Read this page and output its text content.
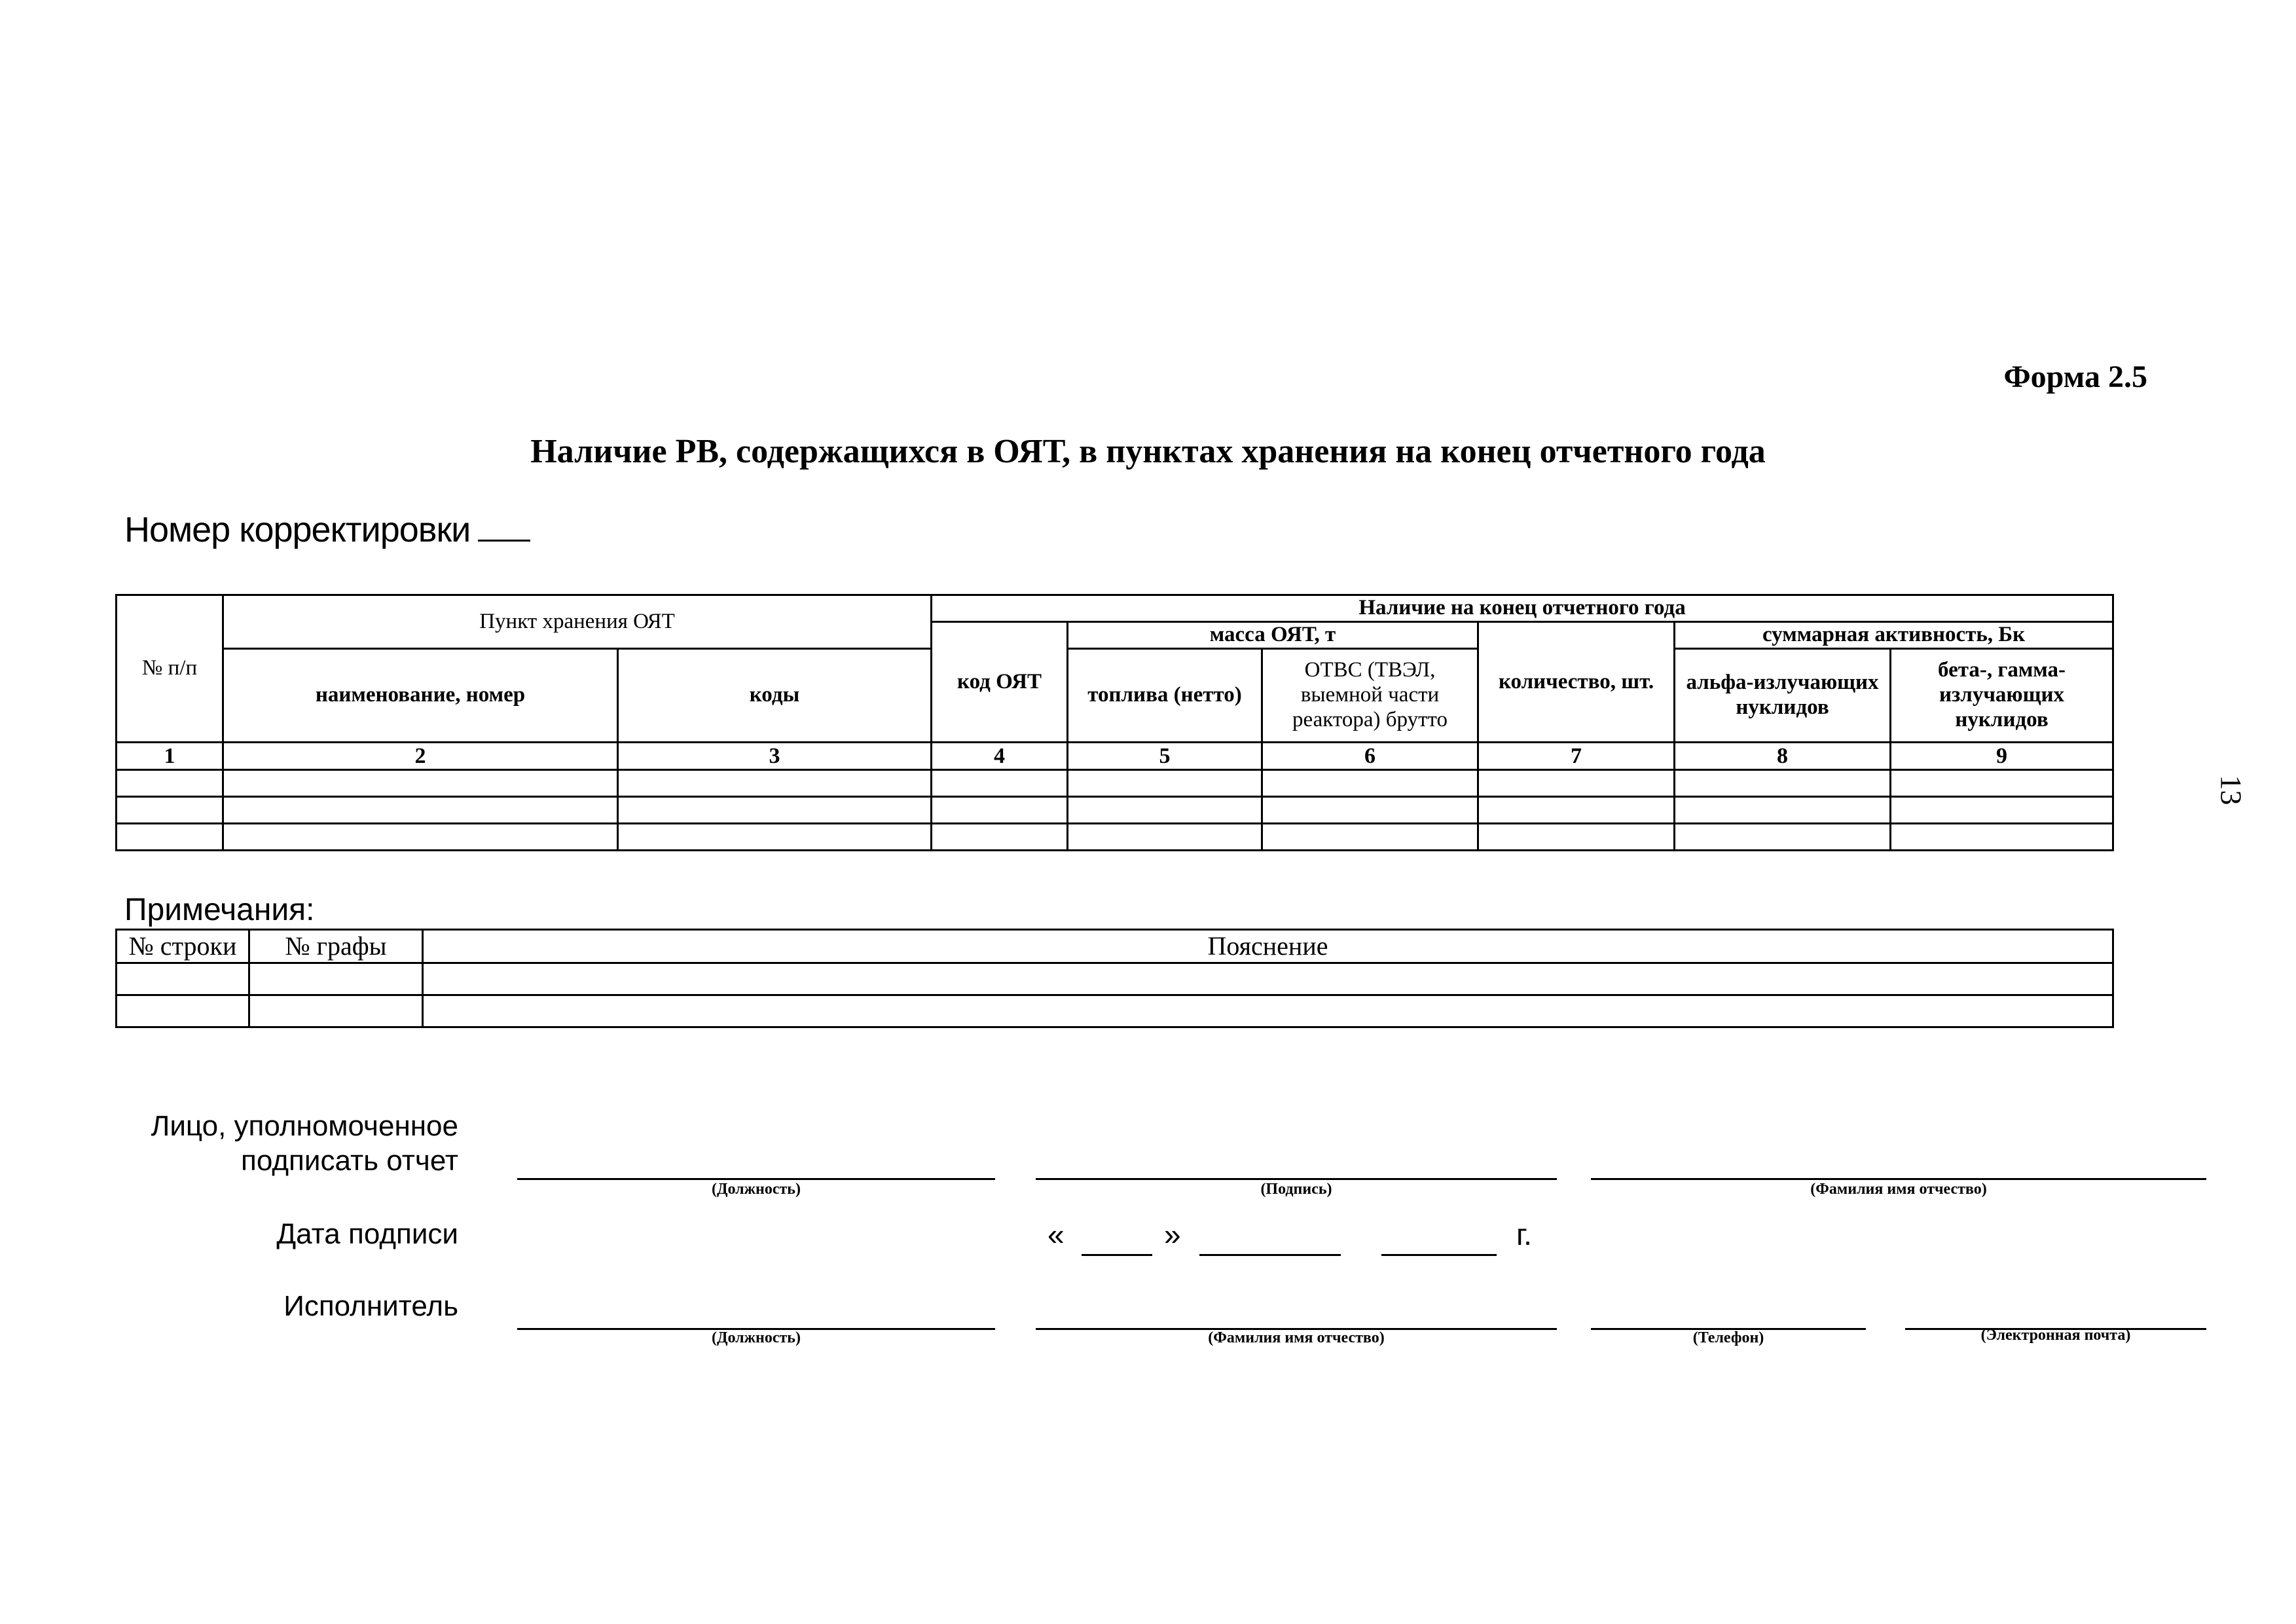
Форма 2.5
Наличие РВ, содержащихся в ОЯТ, в пунктах хранения на конец отчетного года
Номер корректировки
13
№ п/п	Пункт хранения ОЯТ		Наличие на конец отчетного года					
			код ОЯТ	масса ОЯТ, т		количество, шт.	суммарная активность, Бк	
	наименование, номер	коды		топлива (нетто)	ОТВС (ТВЭЛ, выемной части реактора) брутто		альфа-излучающих нуклидов	бета-, гамма-излучающих нуклидов
1	2	3	4	5	6	7	8	9

Примечания:
№ строки	№ графы	Пояснение

Лицо, уполномоченное
подписать отчет
(Должность)	(Подпись)	(Фамилия имя отчество)
Дата подписи	«	»	г.
Исполнитель
(Должность)	(Фамилия имя отчество)	(Телефон)	(Электронная почта)
